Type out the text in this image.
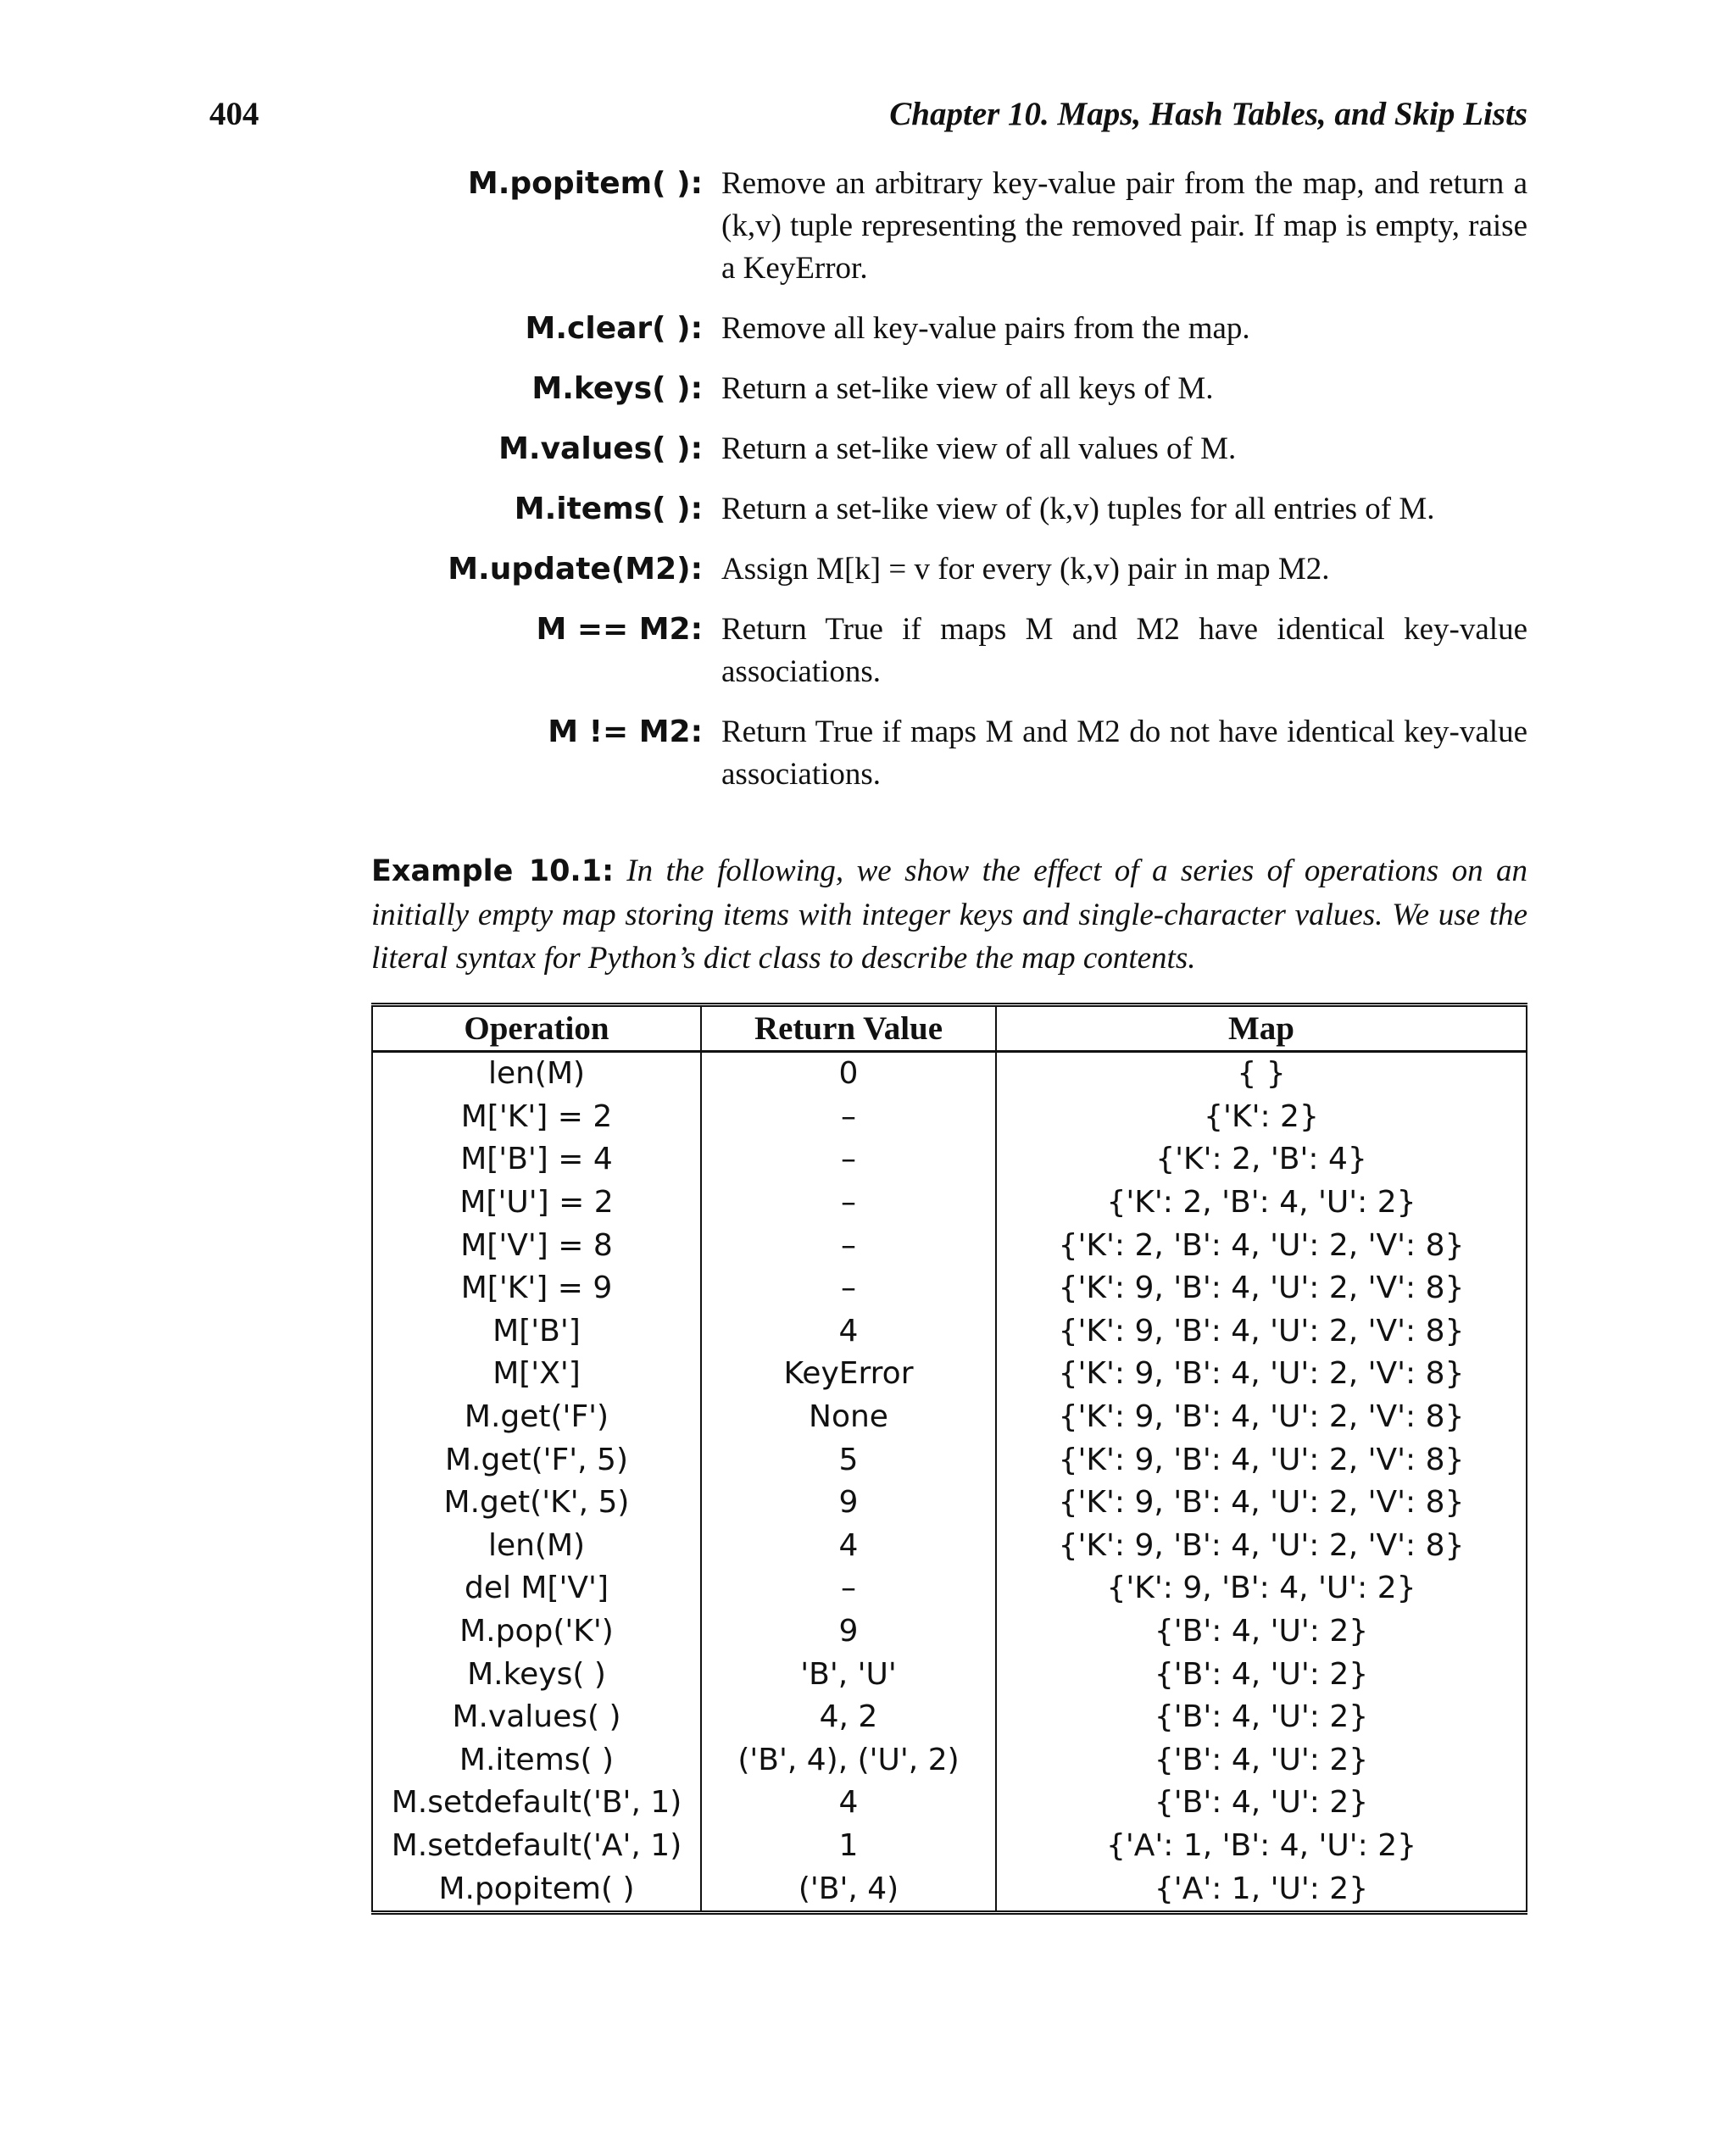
404	Chapter 10. Maps, Hash Tables, and Skip Lists
M.popitem( ): Remove an arbitrary key-value pair from the map, and return a (k,v) tuple representing the removed pair. If map is empty, raise a KeyError.
M.clear( ): Remove all key-value pairs from the map.
M.keys( ): Return a set-like view of all keys of M.
M.values( ): Return a set-like view of all values of M.
M.items( ): Return a set-like view of (k,v) tuples for all entries of M.
M.update(M2): Assign M[k] = v for every (k,v) pair in map M2.
M == M2: Return True if maps M and M2 have identical key-value associations.
M != M2: Return True if maps M and M2 do not have identical key-value associations.
Example 10.1: In the following, we show the effect of a series of operations on an initially empty map storing items with integer keys and single-character values. We use the literal syntax for Python’s dict class to describe the map contents.
Operation	Return Value	Map
len(M)	0	{ }
M['K'] = 2	–	{'K': 2}
M['B'] = 4	–	{'K': 2, 'B': 4}
M['U'] = 2	–	{'K': 2, 'B': 4, 'U': 2}
M['V'] = 8	–	{'K': 2, 'B': 4, 'U': 2, 'V': 8}
M['K'] = 9	–	{'K': 9, 'B': 4, 'U': 2, 'V': 8}
M['B']	4	{'K': 9, 'B': 4, 'U': 2, 'V': 8}
M['X']	KeyError	{'K': 9, 'B': 4, 'U': 2, 'V': 8}
M.get('F')	None	{'K': 9, 'B': 4, 'U': 2, 'V': 8}
M.get('F', 5)	5	{'K': 9, 'B': 4, 'U': 2, 'V': 8}
M.get('K', 5)	9	{'K': 9, 'B': 4, 'U': 2, 'V': 8}
len(M)	4	{'K': 9, 'B': 4, 'U': 2, 'V': 8}
del M['V']	–	{'K': 9, 'B': 4, 'U': 2}
M.pop('K')	9	{'B': 4, 'U': 2}
M.keys( )	'B', 'U'	{'B': 4, 'U': 2}
M.values( )	4, 2	{'B': 4, 'U': 2}
M.items( )	('B', 4), ('U', 2)	{'B': 4, 'U': 2}
M.setdefault('B', 1)	4	{'B': 4, 'U': 2}
M.setdefault('A', 1)	1	{'A': 1, 'B': 4, 'U': 2}
M.popitem( )	('B', 4)	{'A': 1, 'U': 2}
